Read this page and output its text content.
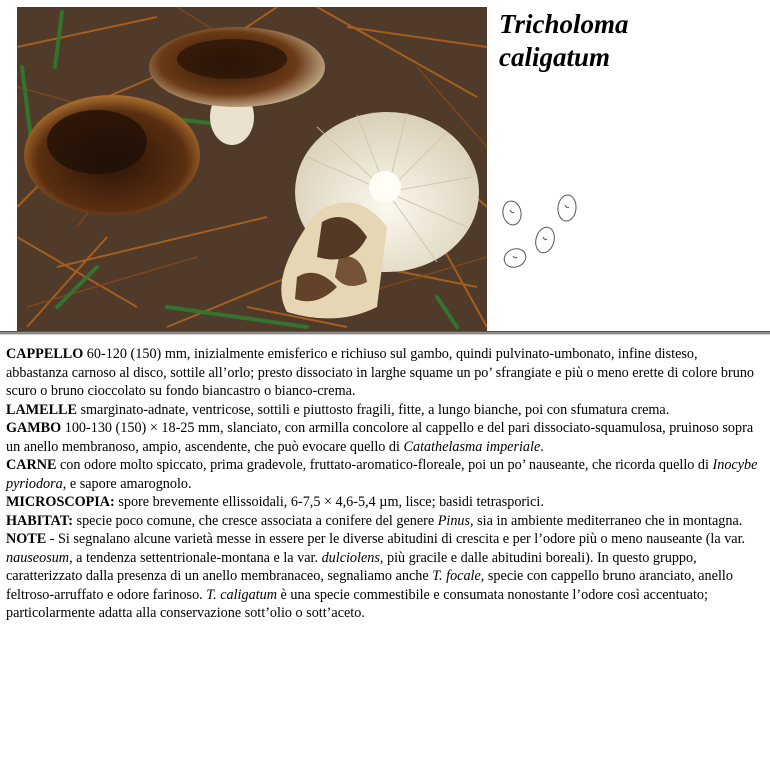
Tricholoma
caligatum

CAPPELLO 60-120 (150) mm, inizialmente emisferico e richiuso sul gambo, quindi pulvinato-umbonato, infine disteso, abbastanza carnoso al disco, sottile all’orlo; presto dissociato in larghe squame un po’ sfrangiate e più o meno erette di colore bruno scuro o bruno cioccolato su fondo biancastro o bianco-crema.

LAMELLE smarginato-adnate, ventricose, sottili e piuttosto fragili, fitte, a lungo bianche, poi con sfumatura crema.

GAMBO 100-130 (150) × 18-25 mm, slanciato, con armilla concolore al cappello e del pari dissociato-squamulosa, pruinoso sopra un anello membranoso, ampio, ascendente, che può evocare quello di Catathelasma imperiale.

CARNE con odore molto spiccato, prima gradevole, fruttato-aromatico-floreale, poi un po’ nauseante, che ricorda quello di Inocybe pyriodora, e sapore amarognolo.

MICROSCOPIA: spore brevemente ellissoidali, 6-7,5 × 4,6-5,4 µm, lisce; basidi tetrasporici.

HABITAT: specie poco comune, che cresce associata a conifere del genere Pinus, sia in ambiente mediterraneo che in montagna.

NOTE - Si segnalano alcune varietà messe in essere per le diverse abitudini di crescita e per l’odore più o meno nauseante (la var. nauseosum, a tendenza settentrionale-montana e la var. dulciolens, più gracile e dalle abitudini boreali). In questo gruppo, caratterizzato dalla presenza di un anello membranaceo, segnaliamo anche T. focale, specie con cappello bruno aranciato, anello feltroso-arruffato e odore farinoso. T. caligatum è una specie commestibile e consumata nonostante l’odore così accentuato; particolarmente adatta alla conservazione sott’olio o sott’aceto.
